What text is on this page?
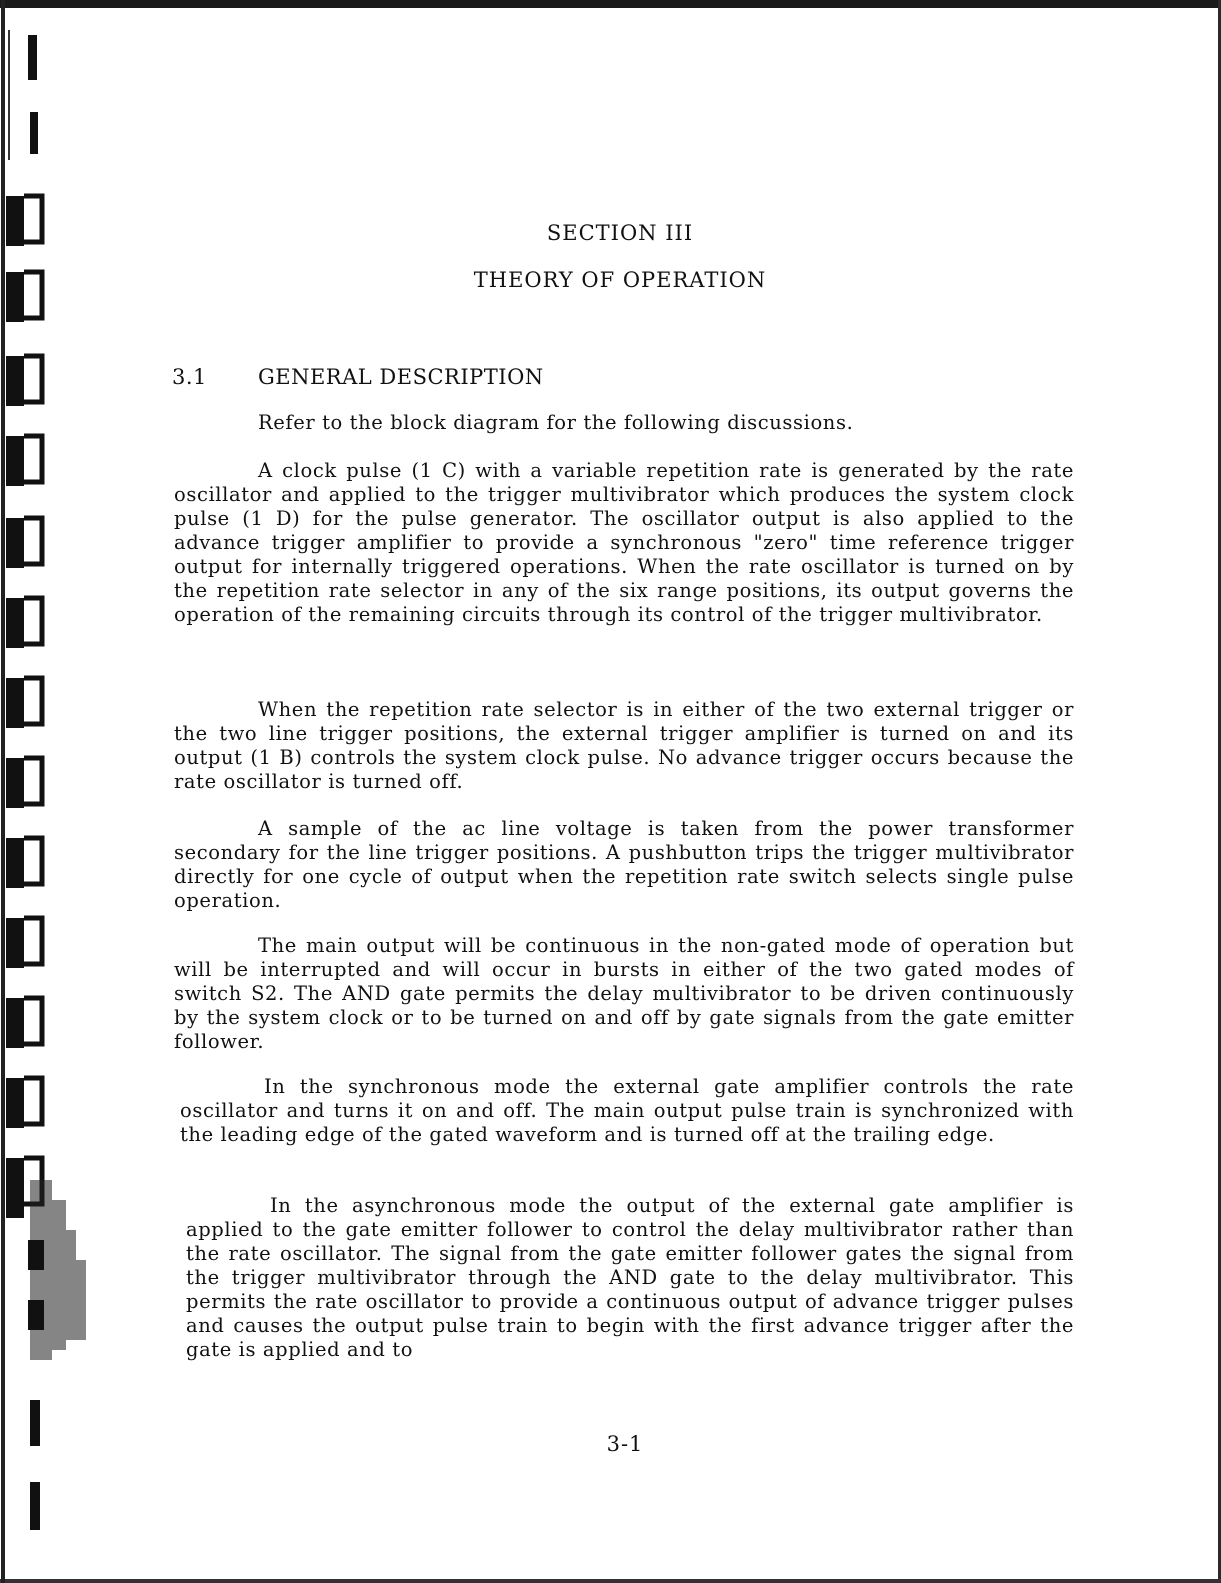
SECTION III
THEORY OF OPERATION
3.1 GENERAL DESCRIPTION

Refer to the block diagram for the following discussions.

A clock pulse (1 C) with a variable repetition rate is generated by the rate oscillator and applied to the trigger multivibrator which produces the system clock pulse (1 D) for the pulse generator. The oscillator output is also applied to the advance trigger amplifier to provide a synchronous "zero" time reference trigger output for internally triggered operations. When the rate oscillator is turned on by the repetition rate selector in any of the six range positions, its output governs the operation of the remaining circuits through its control of the trigger multivibrator.

When the repetition rate selector is in either of the two external trigger or the two line trigger positions, the external trigger amplifier is turned on and its output (1 B) controls the system clock pulse. No advance trigger occurs because the rate oscillator is turned off.

A sample of the ac line voltage is taken from the power transformer secondary for the line trigger positions. A pushbutton trips the trigger multivibrator directly for one cycle of output when the repetition rate switch selects single pulse operation.

The main output will be continuous in the non-gated mode of operation but will be interrupted and will occur in bursts in either of the two gated modes of switch S2. The AND gate permits the delay multivibrator to be driven continuously by the system clock or to be turned on and off by gate signals from the gate emitter follower.

In the synchronous mode the external gate amplifier controls the rate oscillator and turns it on and off. The main output pulse train is synchronized with the leading edge of the gated waveform and is turned off at the trailing edge.

In the asynchronous mode the output of the external gate amplifier is applied to the gate emitter follower to control the delay multivibrator rather than the rate oscillator. The signal from the gate emitter follower gates the signal from the trigger multivibrator through the AND gate to the delay multivibrator. This permits the rate oscillator to provide a continuous output of advance trigger pulses and causes the output pulse train to begin with the first advance trigger after the gate is applied and to

3-1
